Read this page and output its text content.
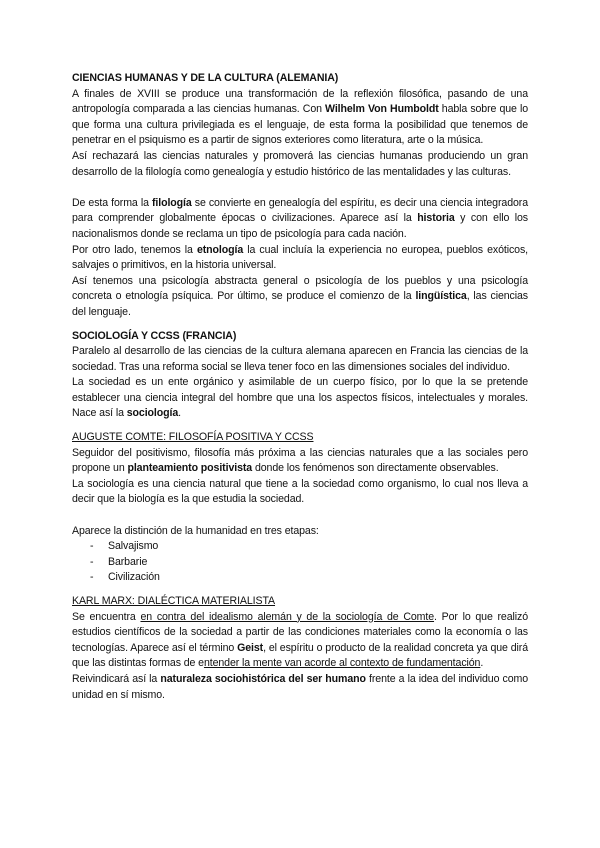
CIENCIAS HUMANAS Y DE LA CULTURA (ALEMANIA)

A finales de XVIII se produce una transformación de la reflexión filosófica, pasando de una antropología comparada a las ciencias humanas. Con Wilhelm Von Humboldt habla sobre que lo que forma una cultura privilegiada es el lenguaje, de esta forma la posibilidad que tenemos de penetrar en el psiquismo es a partir de signos exteriores como literatura, arte o la música.

Así rechazará las ciencias naturales y promoverá las ciencias humanas produciendo un gran desarrollo de la filología como genealogía y estudio histórico de las mentalidades y las culturas.

De esta forma la filología se convierte en genealogía del espíritu, es decir una ciencia integradora para comprender globalmente épocas o civilizaciones. Aparece así la historia y con ello los nacionalismos donde se reclama un tipo de psicología para cada nación.

Por otro lado, tenemos la etnología la cual incluía la experiencia no europea, pueblos exóticos, salvajes o primitivos, en la historia universal.

Así tenemos una psicología abstracta general o psicología de los pueblos y una psicología concreta o etnología psíquica. Por último, se produce el comienzo de la lingüística, las ciencias del lenguaje.

SOCIOLOGÍA Y CCSS (FRANCIA)

Paralelo al desarrollo de las ciencias de la cultura alemana aparecen en Francia las ciencias de la sociedad. Tras una reforma social se lleva tener foco en las dimensiones sociales del individuo.

La sociedad es un ente orgánico y asimilable de un cuerpo físico, por lo que la se pretende establecer una ciencia integral del hombre que una los aspectos físicos, intelectuales y morales. Nace así la sociología.

AUGUSTE COMTE: FILOSOFÍA POSITIVA Y CCSS

Seguidor del positivismo, filosofía más próxima a las ciencias naturales que a las sociales pero propone un planteamiento positivista donde los fenómenos son directamente observables.

La sociología es una ciencia natural que tiene a la sociedad como organismo, lo cual nos lleva a decir que la biología es la que estudia la sociedad.

Aparece la distinción de la humanidad en tres etapas:

- Salvajismo
- Barbarie
- Civilización
KARL MARX: DIALÉCTICA MATERIALISTA

Se encuentra en contra del idealismo alemán y de la sociología de Comte. Por lo que realizó estudios científicos de la sociedad a partir de las condiciones materiales como la economía o las tecnologías. Aparece así el término Geist, el espíritu o producto de la realidad concreta ya que dirá que las distintas formas de entender la mente van acorde al contexto de fundamentación.

Reivindicará así la naturaleza sociohistórica del ser humano frente a la idea del individuo como unidad en sí mismo.
